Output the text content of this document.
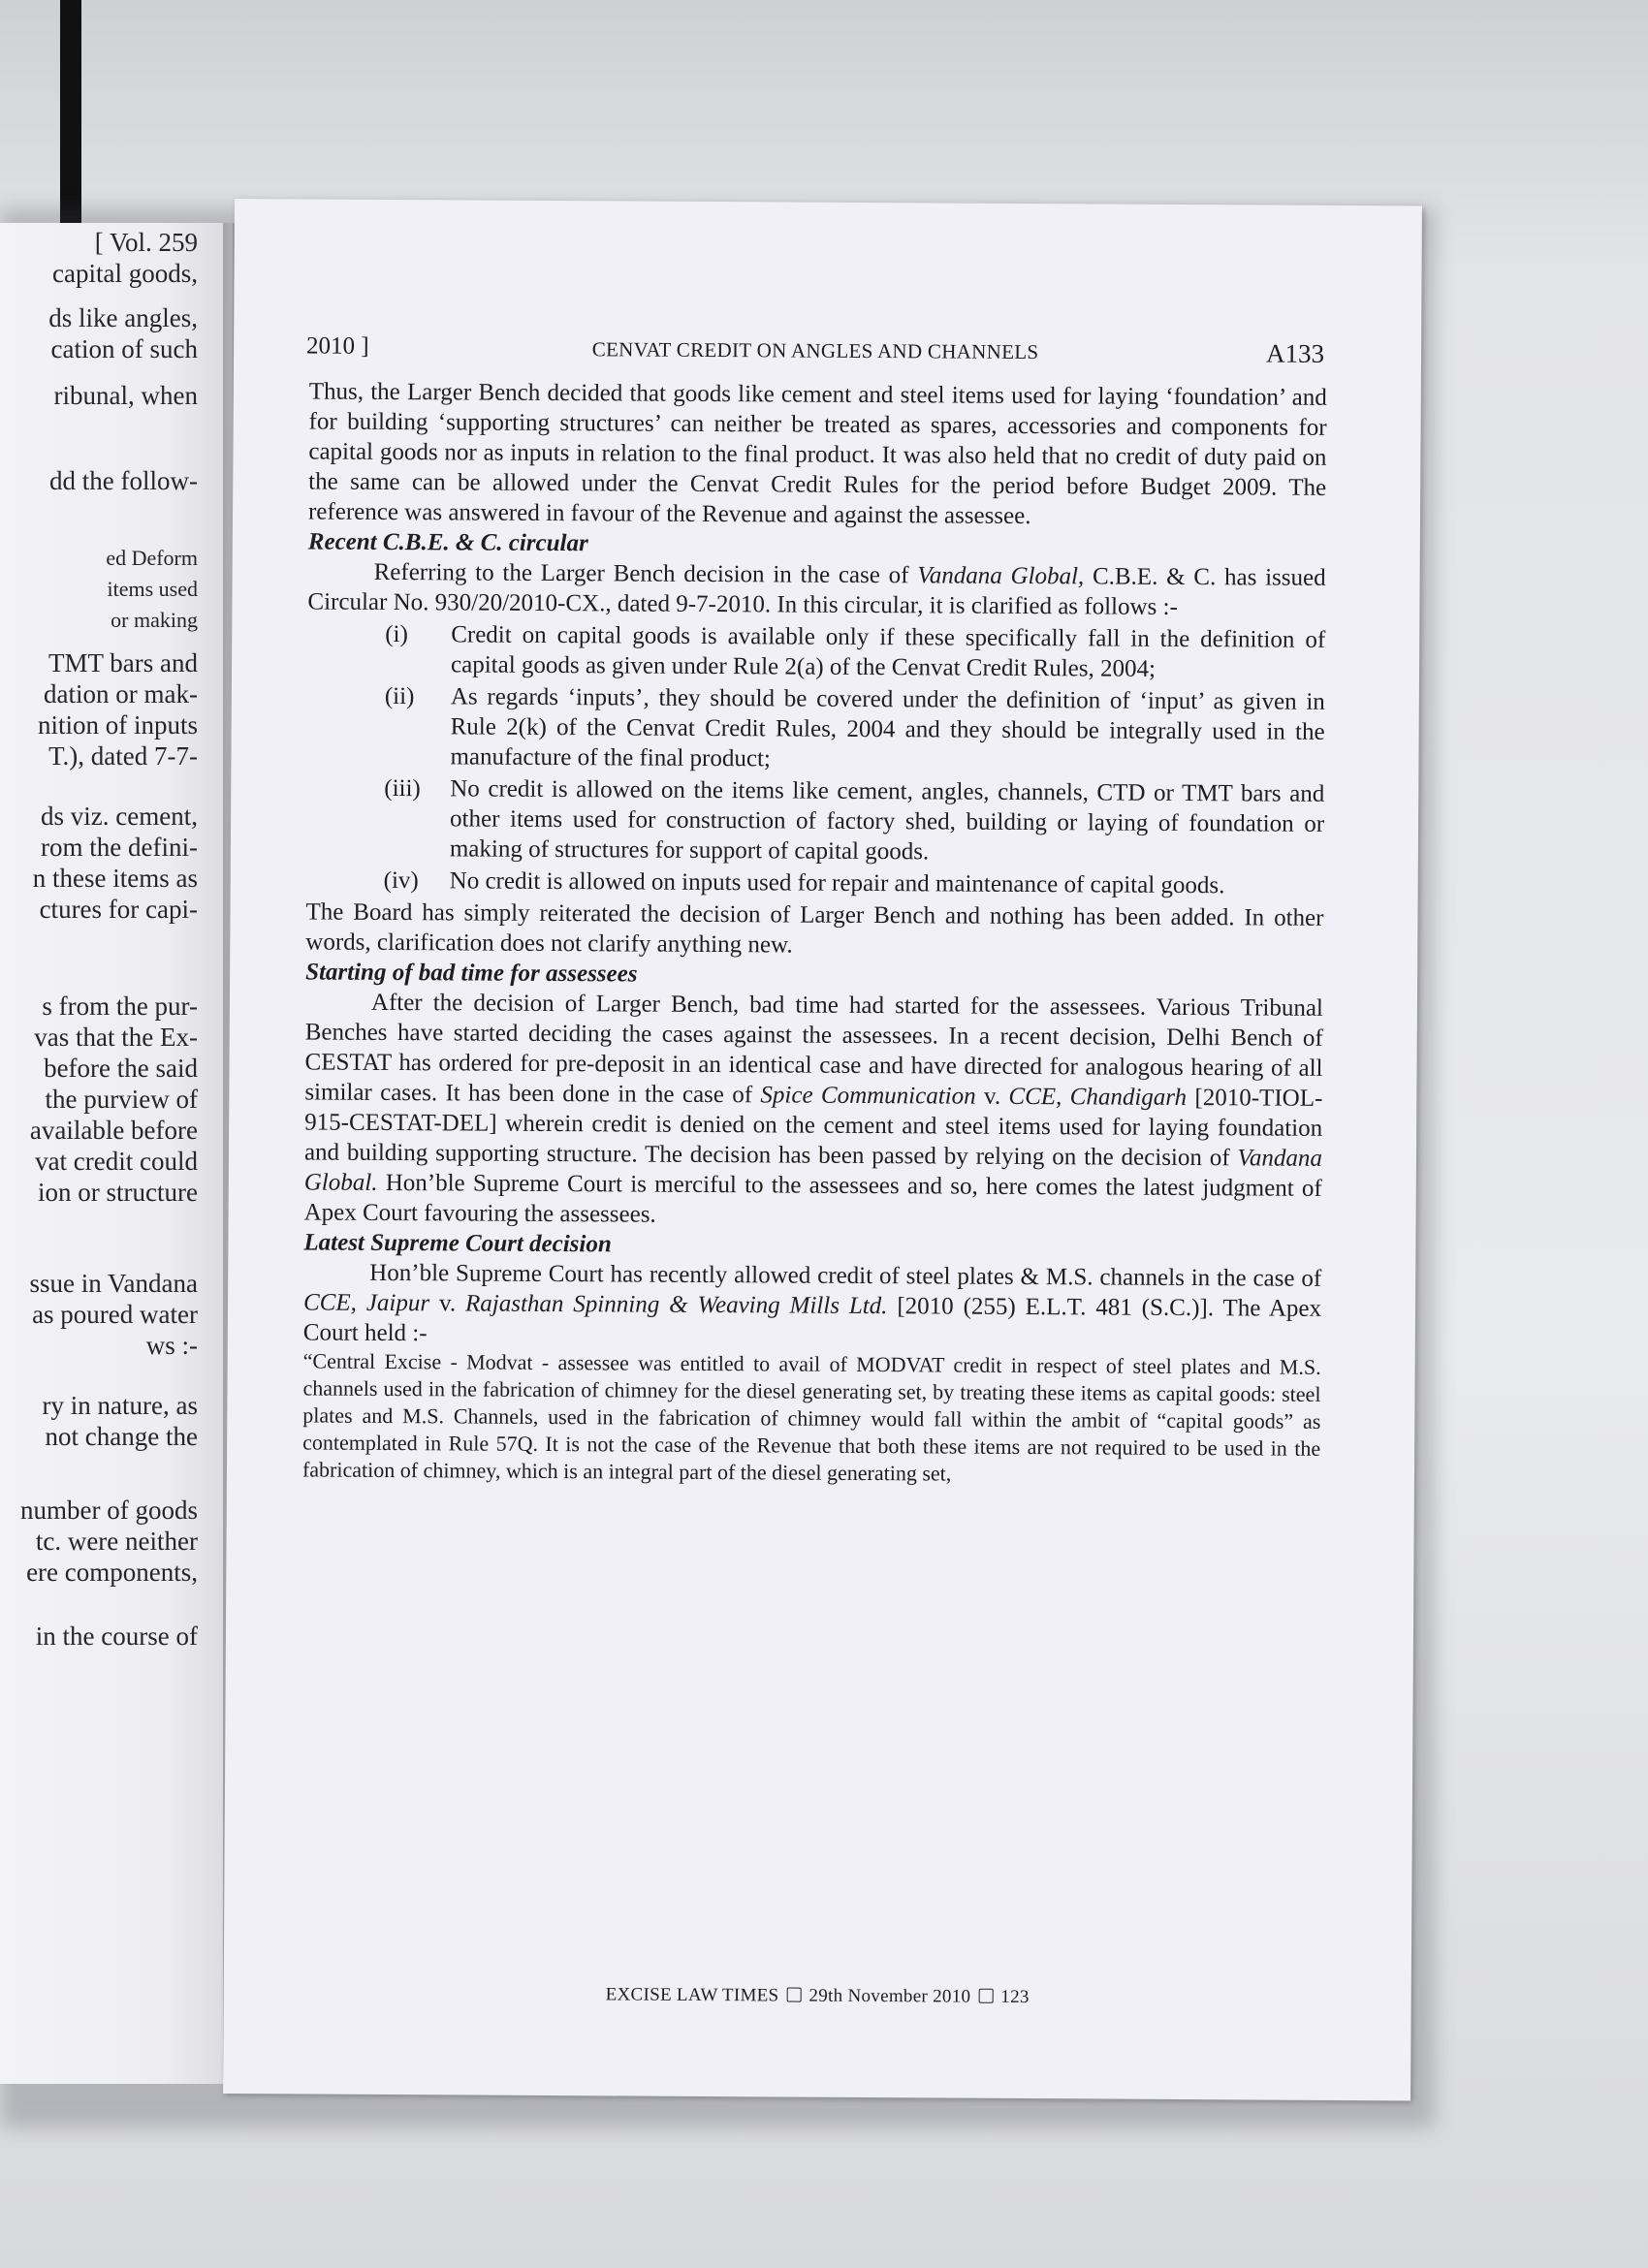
[ Vol. 259
capital goods,
ds like angles,
cation of such
ribunal, when
dd the follow-
ed Deform
items used
or making
TMT bars and
dation or mak-
nition of inputs
T.), dated 7-7-
ds viz. cement,
rom the defini-
n these items as
ctures for capi-
s from the pur-
vas that the Ex-
before the said
the purview of
available before
vat credit could
ion or structure
ssue in Vandana
as poured water
ws :-
ry in nature, as
not change the
number of goods
tc. were neither
ere components,
in the course of
2010 ]	CENVAT CREDIT ON ANGLES AND CHANNELS	A133

Thus, the Larger Bench decided that goods like cement and steel items used for laying ‘foundation’ and for building ‘supporting structures’ can neither be treated as spares, accessories and components for capital goods nor as inputs in relation to the final product. It was also held that no credit of duty paid on the same can be allowed under the Cenvat Credit Rules for the period before Budget 2009. The reference was answered in favour of the Revenue and against the assessee.

Recent C.B.E. & C. circular

Referring to the Larger Bench decision in the case of Vandana Global, C.B.E. & C. has issued Circular No. 930/20/2010-CX., dated 9-7-2010. In this circular, it is clarified as follows :-

(i) Credit on capital goods is available only if these specifically fall in the definition of capital goods as given under Rule 2(a) of the Cenvat Credit Rules, 2004;
(ii) As regards ‘inputs’, they should be covered under the definition of ‘input’ as given in Rule 2(k) of the Cenvat Credit Rules, 2004 and they should be integrally used in the manufacture of the final product;
(iii) No credit is allowed on the items like cement, angles, channels, CTD or TMT bars and other items used for construction of factory shed, building or laying of foundation or making of structures for support of capital goods.
(iv) No credit is allowed on inputs used for repair and maintenance of capital goods.

The Board has simply reiterated the decision of Larger Bench and nothing has been added. In other words, clarification does not clarify anything new.

Starting of bad time for assessees

After the decision of Larger Bench, bad time had started for the assessees. Various Tribunal Benches have started deciding the cases against the assessees. In a recent decision, Delhi Bench of CESTAT has ordered for pre-deposit in an identical case and have directed for analogous hearing of all similar cases. It has been done in the case of Spice Communication v. CCE, Chandigarh [2010-TIOL-915-CESTAT-DEL] wherein credit is denied on the cement and steel items used for laying foundation and building supporting structure. The decision has been passed by relying on the decision of Vandana Global. Hon’ble Supreme Court is merciful to the assessees and so, here comes the latest judgment of Apex Court favouring the assessees.

Latest Supreme Court decision

Hon’ble Supreme Court has recently allowed credit of steel plates & M.S. channels in the case of CCE, Jaipur v. Rajasthan Spinning & Weaving Mills Ltd. [2010 (255) E.L.T. 481 (S.C.)]. The Apex Court held :-

“Central Excise - Modvat - assessee was entitled to avail of MODVAT credit in respect of steel plates and M.S. channels used in the fabrication of chimney for the diesel generating set, by treating these items as capital goods: steel plates and M.S. Channels, used in the fabrication of chimney would fall within the ambit of “capital goods” as contemplated in Rule 57Q. It is not the case of the Revenue that both these items are not required to be used in the fabrication of chimney, which is an integral part of the diesel generating set,

EXCISE LAW TIMES 29th November 2010 123
